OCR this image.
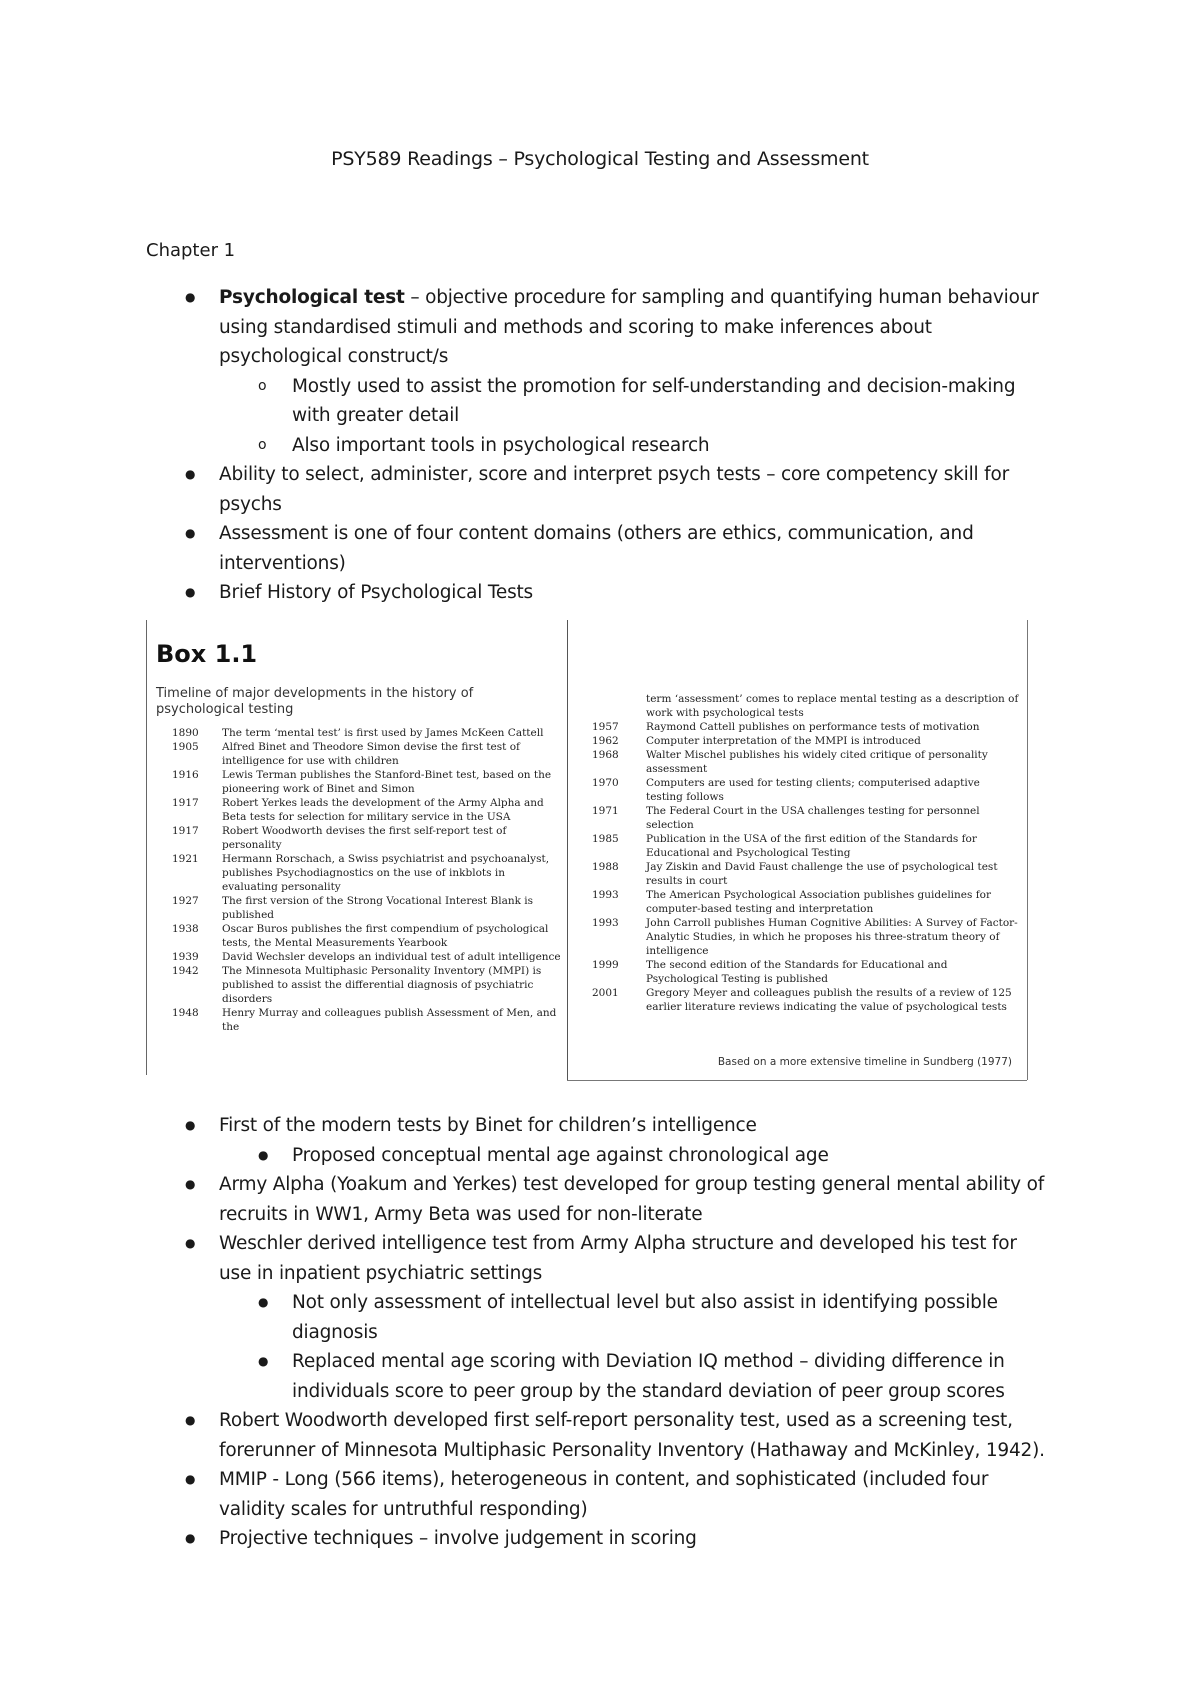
PSY589 Readings – Psychological Testing and Assessment
Chapter 1
● Psychological test – objective procedure for sampling and quantifying human behaviour using standardised stimuli and methods and scoring to make inferences about psychological construct/s
o Mostly used to assist the promotion for self-understanding and decision-making with greater detail
o Also important tools in psychological research
● Ability to select, administer, score and interpret psych tests – core competency skill for psychs
● Assessment is one of four content domains (others are ethics, communication, and interventions)
● Brief History of Psychological Tests
Box 1.1
Timeline of major developments in the history of psychological testing
1890	The term ‘mental test’ is first used by James McKeen Cattell
1905	Alfred Binet and Theodore Simon devise the first test of intelligence for use with children
1916	Lewis Terman publishes the Stanford-Binet test, based on the pioneering work of Binet and Simon
1917	Robert Yerkes leads the development of the Army Alpha and Beta tests for selection for military service in the USA
1917	Robert Woodworth devises the first self-report test of personality
1921	Hermann Rorschach, a Swiss psychiatrist and psychoanalyst, publishes Psychodiagnostics on the use of inkblots in evaluating personality
1927	The first version of the Strong Vocational Interest Blank is published
1938	Oscar Buros publishes the first compendium of psychological tests, the Mental Measurements Yearbook
1939	David Wechsler develops an individual test of adult intelligence
1942	The Minnesota Multiphasic Personality Inventory (MMPI) is published to assist the differential diagnosis of psychiatric disorders
1948	Henry Murray and colleagues publish Assessment of Men, and the
term ‘assessment’ comes to replace mental testing as a description of work with psychological tests
1957	Raymond Cattell publishes on performance tests of motivation
1962	Computer interpretation of the MMPI is introduced
1968	Walter Mischel publishes his widely cited critique of personality assessment
1970	Computers are used for testing clients; computerised adaptive testing follows
1971	The Federal Court in the USA challenges testing for personnel selection
1985	Publication in the USA of the first edition of the Standards for Educational and Psychological Testing
1988	Jay Ziskin and David Faust challenge the use of psychological test results in court
1993	The American Psychological Association publishes guidelines for computer-based testing and interpretation
1993	John Carroll publishes Human Cognitive Abilities: A Survey of Factor-Analytic Studies, in which he proposes his three-stratum theory of intelligence
1999	The second edition of the Standards for Educational and Psychological Testing is published
2001	Gregory Meyer and colleagues publish the results of a review of 125 earlier literature reviews indicating the value of psychological tests
Based on a more extensive timeline in Sundberg (1977)
● First of the modern tests by Binet for children’s intelligence
● Proposed conceptual mental age against chronological age
● Army Alpha (Yoakum and Yerkes) test developed for group testing general mental ability of recruits in WW1, Army Beta was used for non-literate
● Weschler derived intelligence test from Army Alpha structure and developed his test for use in inpatient psychiatric settings
● Not only assessment of intellectual level but also assist in identifying possible diagnosis
● Replaced mental age scoring with Deviation IQ method – dividing difference in individuals score to peer group by the standard deviation of peer group scores
● Robert Woodworth developed first self-report personality test, used as a screening test, forerunner of Minnesota Multiphasic Personality Inventory (Hathaway and McKinley, 1942).
● MMIP - Long (566 items), heterogeneous in content, and sophisticated (included four validity scales for untruthful responding)
● Projective techniques – involve judgement in scoring
